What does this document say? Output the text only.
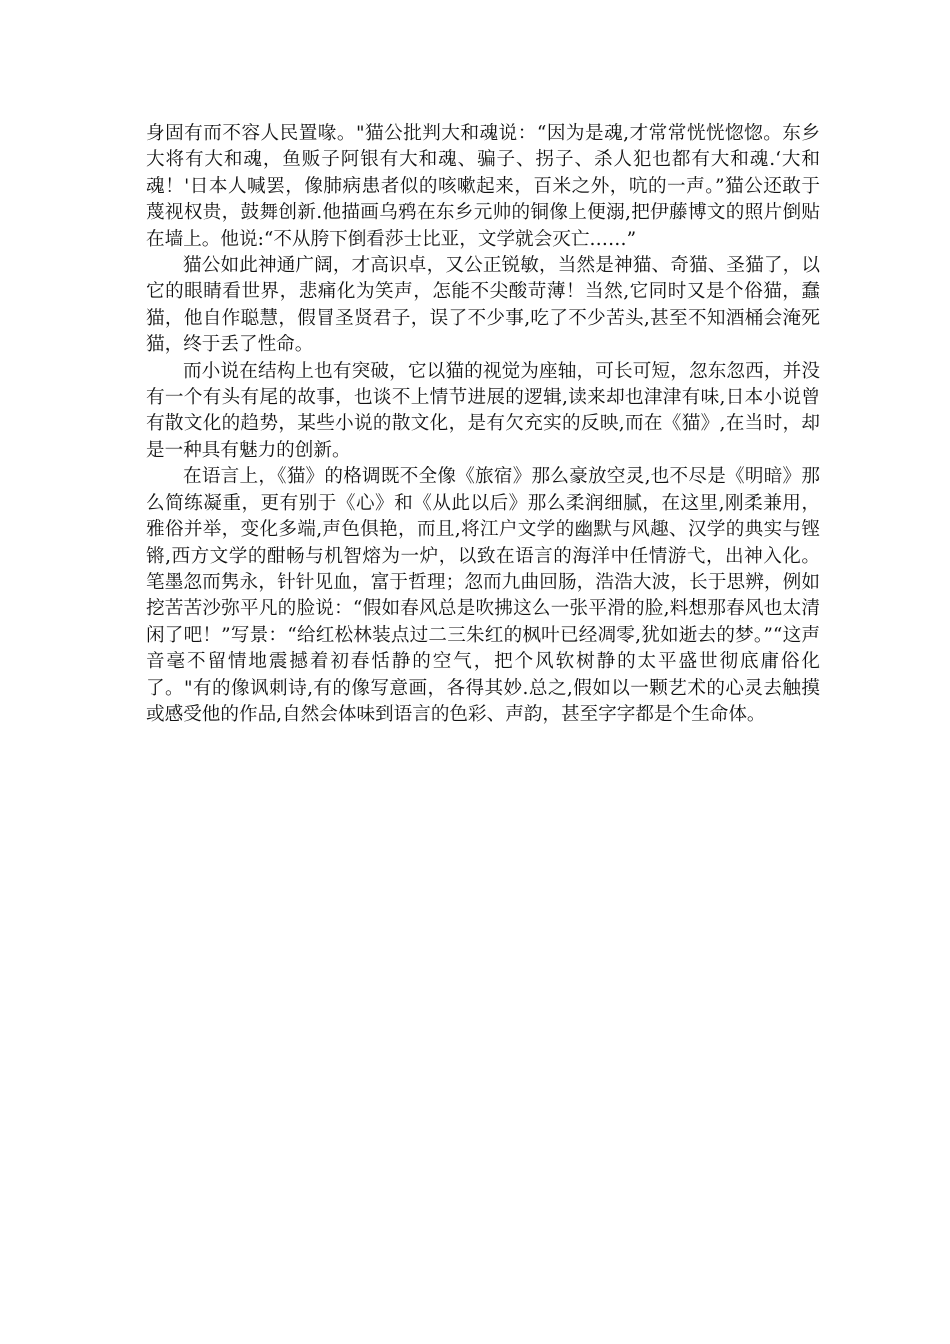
身固有而不容人民置喙。"猫公批判大和魂说：“因为是魂,才常常恍恍惚惚。东乡大将有大和魂，鱼贩子阿银有大和魂、骗子、拐子、杀人犯也都有大和魂.‘大和魂！'日本人喊罢，像肺病患者似的咳嗽起来，百米之外，吭的一声。”猫公还敢于蔑视权贵，鼓舞创新.他描画乌鸦在东乡元帅的铜像上便溺,把伊藤博文的照片倒贴在墙上。他说:“不从胯下倒看莎士比亚，文学就会灭亡……”

猫公如此神通广阔，才高识卓，又公正锐敏，当然是神猫、奇猫、圣猫了，以它的眼睛看世界，悲痛化为笑声，怎能不尖酸苛薄！当然,它同时又是个俗猫，蠢猫，他自作聪慧，假冒圣贤君子，误了不少事,吃了不少苦头,甚至不知酒桶会淹死猫，终于丢了性命。

而小说在结构上也有突破，它以猫的视觉为座轴，可长可短，忽东忽西，并没有一个有头有尾的故事，也谈不上情节进展的逻辑,读来却也津津有味,日本小说曾有散文化的趋势，某些小说的散文化，是有欠充实的反映,而在《猫》,在当时，却是一种具有魅力的创新。

在语言上，《猫》的格调既不全像《旅宿》那么豪放空灵,也不尽是《明暗》那么简练凝重，更有别于《心》和《从此以后》那么柔润细腻，在这里,刚柔兼用，雅俗并举，变化多端,声色俱艳，而且,将江户文学的幽默与风趣、汉学的典实与铿锵,西方文学的酣畅与机智熔为一炉，以致在语言的海洋中任情游弋，出神入化。笔墨忽而隽永，针针见血，富于哲理；忽而九曲回肠，浩浩大波，长于思辨，例如挖苦苦沙弥平凡的脸说：“假如春风总是吹拂这么一张平滑的脸,料想那春风也太清闲了吧！”写景：“给红松林装点过二三朱红的枫叶已经凋零,犹如逝去的梦。”“这声音毫不留情地震撼着初春恬静的空气，把个风软树静的太平盛世彻底庸俗化了。"有的像讽刺诗,有的像写意画，各得其妙.总之,假如以一颗艺术的心灵去触摸或感受他的作品,自然会体味到语言的色彩、声韵，甚至字字都是个生命体。
